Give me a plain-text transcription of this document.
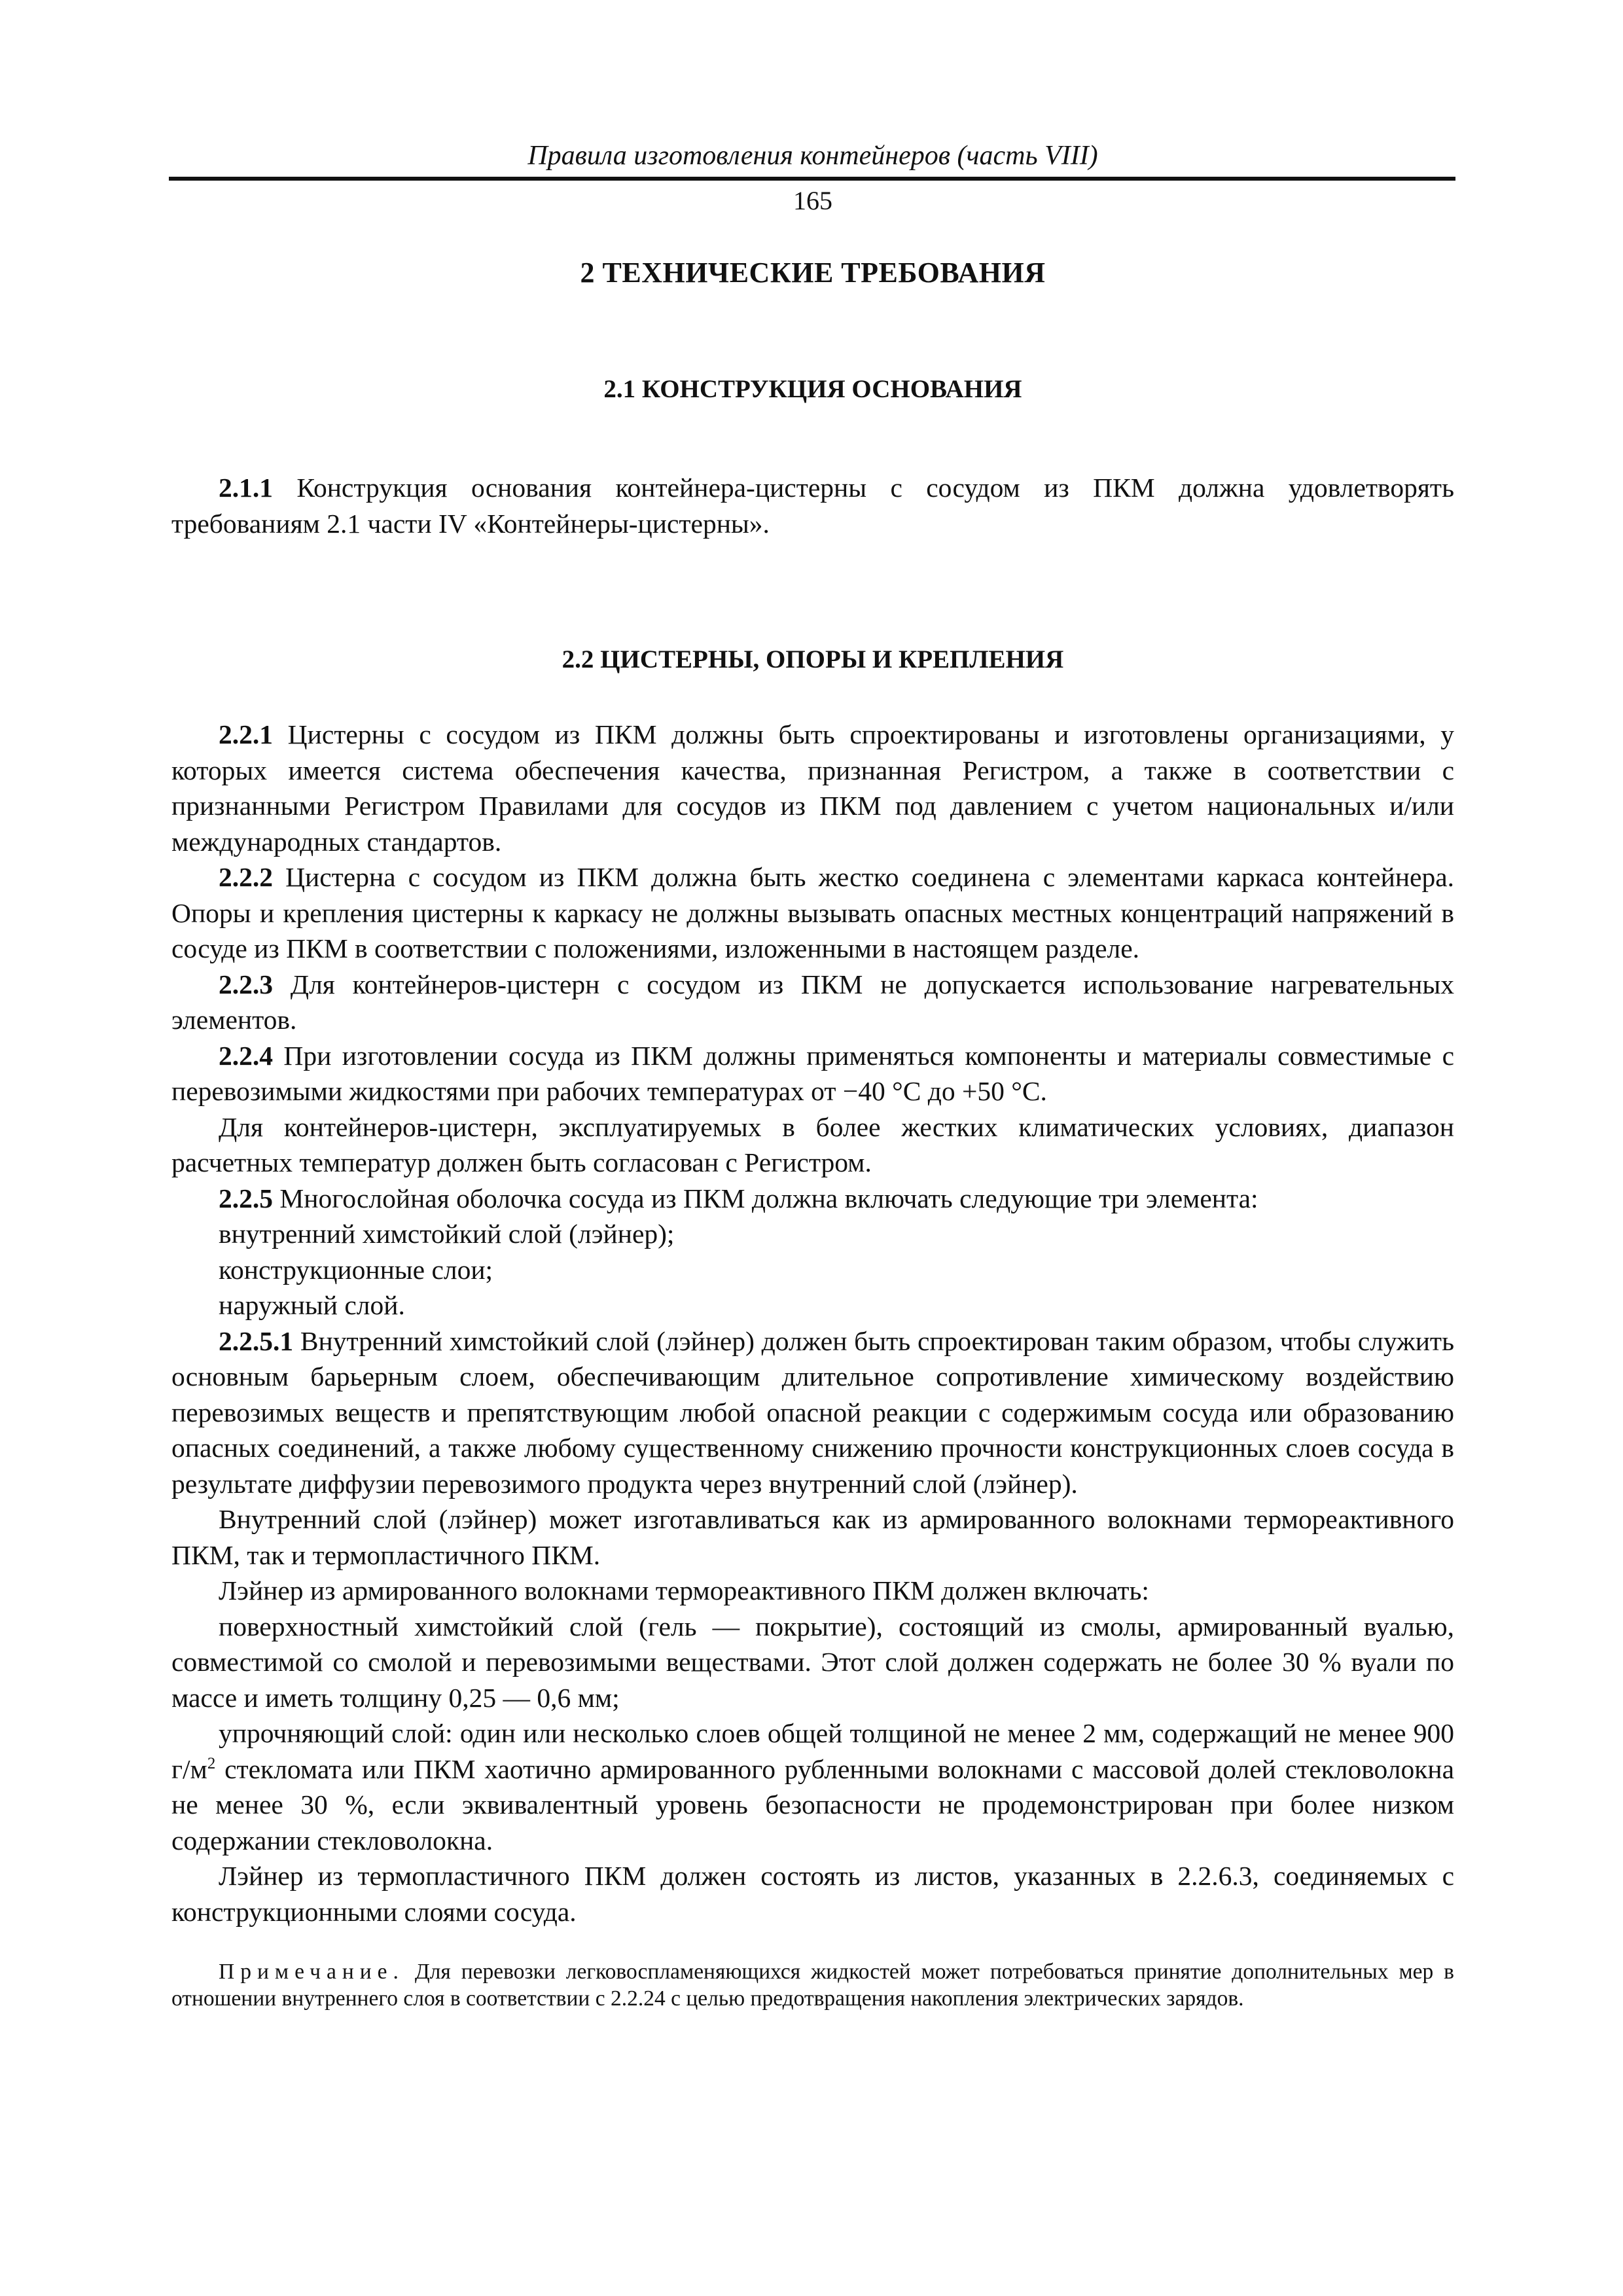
Правила изготовления контейнеров (часть VIII)
165
2 ТЕХНИЧЕСКИЕ ТРЕБОВАНИЯ
2.1 КОНСТРУКЦИЯ ОСНОВАНИЯ

2.1.1 Конструкция основания контейнера-цистерны с сосудом из ПКМ должна удовлетворять требованиям 2.1 части IV «Контейнеры-цистерны».

2.2 ЦИСТЕРНЫ, ОПОРЫ И КРЕПЛЕНИЯ

2.2.1 Цистерны с сосудом из ПКМ должны быть спроектированы и изготовлены организациями, у которых имеется система обеспечения качества, признанная Регистром, а также в соответствии с признанными Регистром Правилами для сосудов из ПКМ под давлением с учетом национальных и/или международных стандартов.

2.2.2 Цистерна с сосудом из ПКМ должна быть жестко соединена с элементами каркаса контейнера. Опоры и крепления цистерны к каркасу не должны вызывать опасных местных концентраций напряжений в сосуде из ПКМ в соответствии с положениями, изложенными в настоящем разделе.

2.2.3 Для контейнеров-цистерн с сосудом из ПКМ не допускается использование нагревательных элементов.

2.2.4 При изготовлении сосуда из ПКМ должны применяться компоненты и материалы совместимые с перевозимыми жидкостями при рабочих температурах от −40 °С до +50 °С.

Для контейнеров-цистерн, эксплуатируемых в более жестких климатических условиях, диапазон расчетных температур должен быть согласован с Регистром.

2.2.5 Многослойная оболочка сосуда из ПКМ должна включать следующие три элемента:

внутренний химстойкий слой (лэйнер);

конструкционные слои;

наружный слой.

2.2.5.1 Внутренний химстойкий слой (лэйнер) должен быть спроектирован таким образом, чтобы служить основным барьерным слоем, обеспечивающим длительное сопротивление химическому воздействию перевозимых веществ и препятствующим любой опасной реакции с содержимым сосуда или образованию опасных соединений, а также любому существенному снижению прочности конструкционных слоев сосуда в результате диффузии перевозимого продукта через внутренний слой (лэйнер).

Внутренний слой (лэйнер) может изготавливаться как из армированного волокнами термореактивного ПКМ, так и термопластичного ПКМ.

Лэйнер из армированного волокнами термореактивного ПКМ должен включать:

поверхностный химстойкий слой (гель — покрытие), состоящий из смолы, армированный вуалью, совместимой со смолой и перевозимыми веществами. Этот слой должен содержать не более 30 % вуали по массе и иметь толщину 0,25 — 0,6 мм;

упрочняющий слой: один или несколько слоев общей толщиной не менее 2 мм, содержащий не менее 900 $г/м^2$ стекломата или ПКМ хаотично армированного рубленными волокнами с массовой долей стекловолокна не менее 30 %, если эквивалентный уровень безопасности не продемонстрирован при более низком содержании стекловолокна.

Лэйнер из термопластичного ПКМ должен состоять из листов, указанных в 2.2.6.3, соединяемых с конструкционными слоями сосуда.

Примечание. Для перевозки легковоспламеняющихся жидкостей может потребоваться принятие дополнительных мер в отношении внутреннего слоя в соответствии с 2.2.24 с целью предотвращения накопления электрических зарядов.
